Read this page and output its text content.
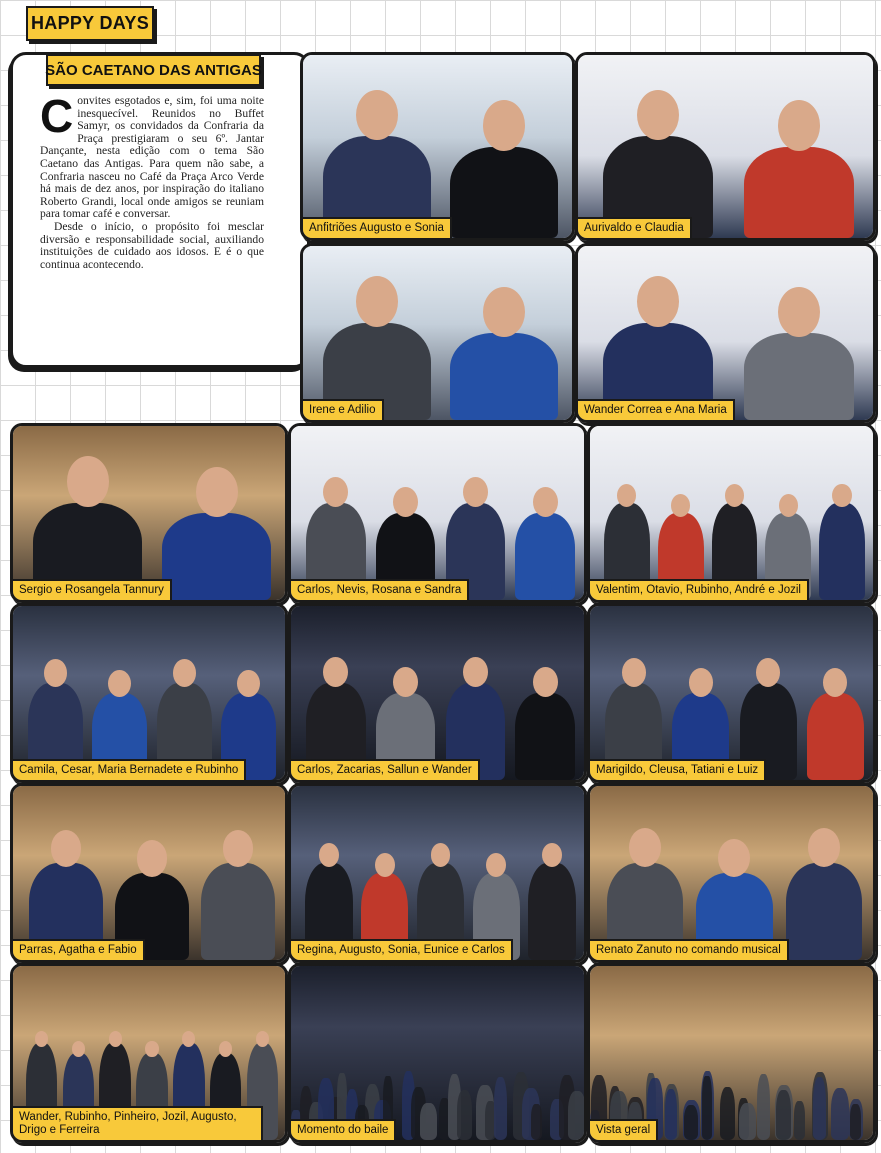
HAPPY DAYS
SÃO CAETANO DAS ANTIGAS

Convites esgotados e, sim, foi uma noite inesquecível. Reunidos no Buffet Samyr, os convidados da Confraria da Praça prestigiaram o seu 6º. Jantar Dançante, nesta edição com o tema São Caetano das Antigas. Para quem não sabe, a Confraria nasceu no Café da Praça Arco Verde há mais de dez anos, por inspiração do italiano Roberto Grandi, local onde amigos se reuniam para tomar café e conversar.

Desde o início, o propósito foi mesclar diversão e responsabilidade social, auxiliando instituições de cuidado aos idosos. E é o que continua acontecendo.

Anfitriões Augusto e Sonia	Aurivaldo e Claudia
Irene e Adilio	Wander Correa e Ana Maria
Sergio e Rosangela Tannury	Carlos, Nevis, Rosana e Sandra	Valentim, Otavio, Rubinho, André e Jozil
Camila, Cesar, Maria Bernadete e Rubinho	Carlos, Zacarias, Sallun e Wander	Marigildo, Cleusa, Tatiani e Luiz
Parras, Agatha e Fabio	Regina, Augusto, Sonia, Eunice e Carlos	Renato Zanuto no comando musical
Wander, Rubinho, Pinheiro, Jozil, Augusto, Drigo e Ferreira	Momento do baile	Vista geral
